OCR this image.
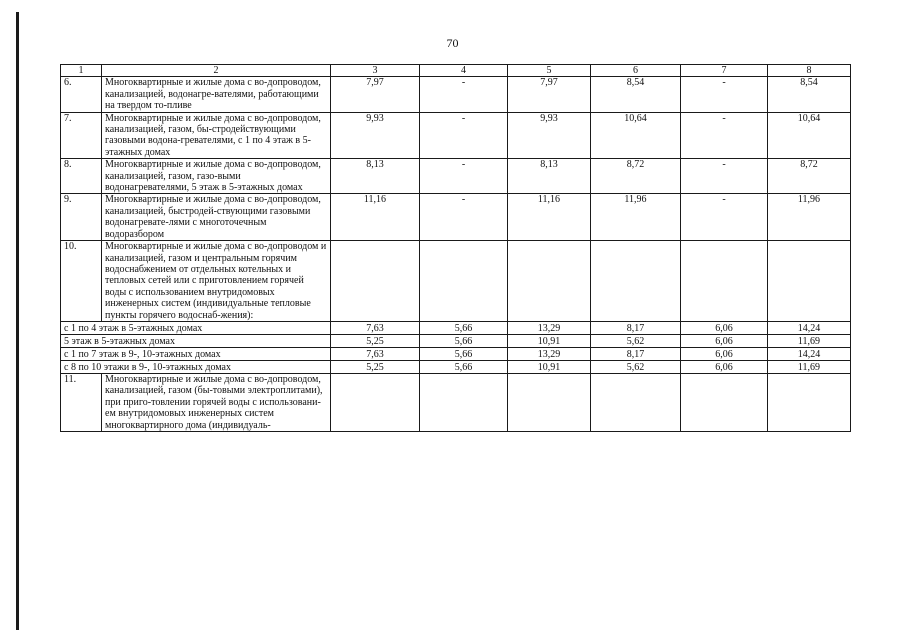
70
1	2	3	4	5	6	7	8
6.	Многоквартирные и жилые дома с во-допроводом, канализацией, водонагре-вателями, работающими на твердом то-пливе	7,97	-	7,97	8,54	-	8,54
7.	Многоквартирные и жилые дома с во-допроводом, канализацией, газом, бы-стродействующими газовыми водона-гревателями, с 1 по 4 этаж в 5-этажных домах	9,93	-	9,93	10,64	-	10,64
8.	Многоквартирные и жилые дома с во-допроводом, канализацией, газом, газо-выми водонагревателями, 5 этаж в 5-этажных домах	8,13	-	8,13	8,72	-	8,72
9.	Многоквартирные и жилые дома с во-допроводом, канализацией, быстродей-ствующими газовыми водонагревате-лями с многоточечным водоразбором	11,16	-	11,16	11,96	-	11,96
10.	Многоквартирные и жилые дома с во-допроводом и канализацией, газом и центральным горячим водоснабжением от отдельных котельных и тепловых сетей или с приготовлением горячей воды с использованием внутридомовых инженерных систем (индивидуальные тепловые пункты горячего водоснаб-жения):						
с 1 по 4 этаж в 5-этажных домах		7,63	5,66	13,29	8,17	6,06	14,24
5 этаж в 5-этажных домах		5,25	5,66	10,91	5,62	6,06	11,69
с 1 по 7 этаж в 9-, 10-этажных домах		7,63	5,66	13,29	8,17	6,06	14,24
с 8 по 10 этажи в 9-, 10-этажных домах		5,25	5,66	10,91	5,62	6,06	11,69
11.	Многоквартирные и жилые дома с во-допроводом, канализацией, газом (бы-товыми электроплитами), при приго-товлении горячей воды с использовани-ем внутридомовых инженерных систем многоквартирного дома (индивидуаль-						
